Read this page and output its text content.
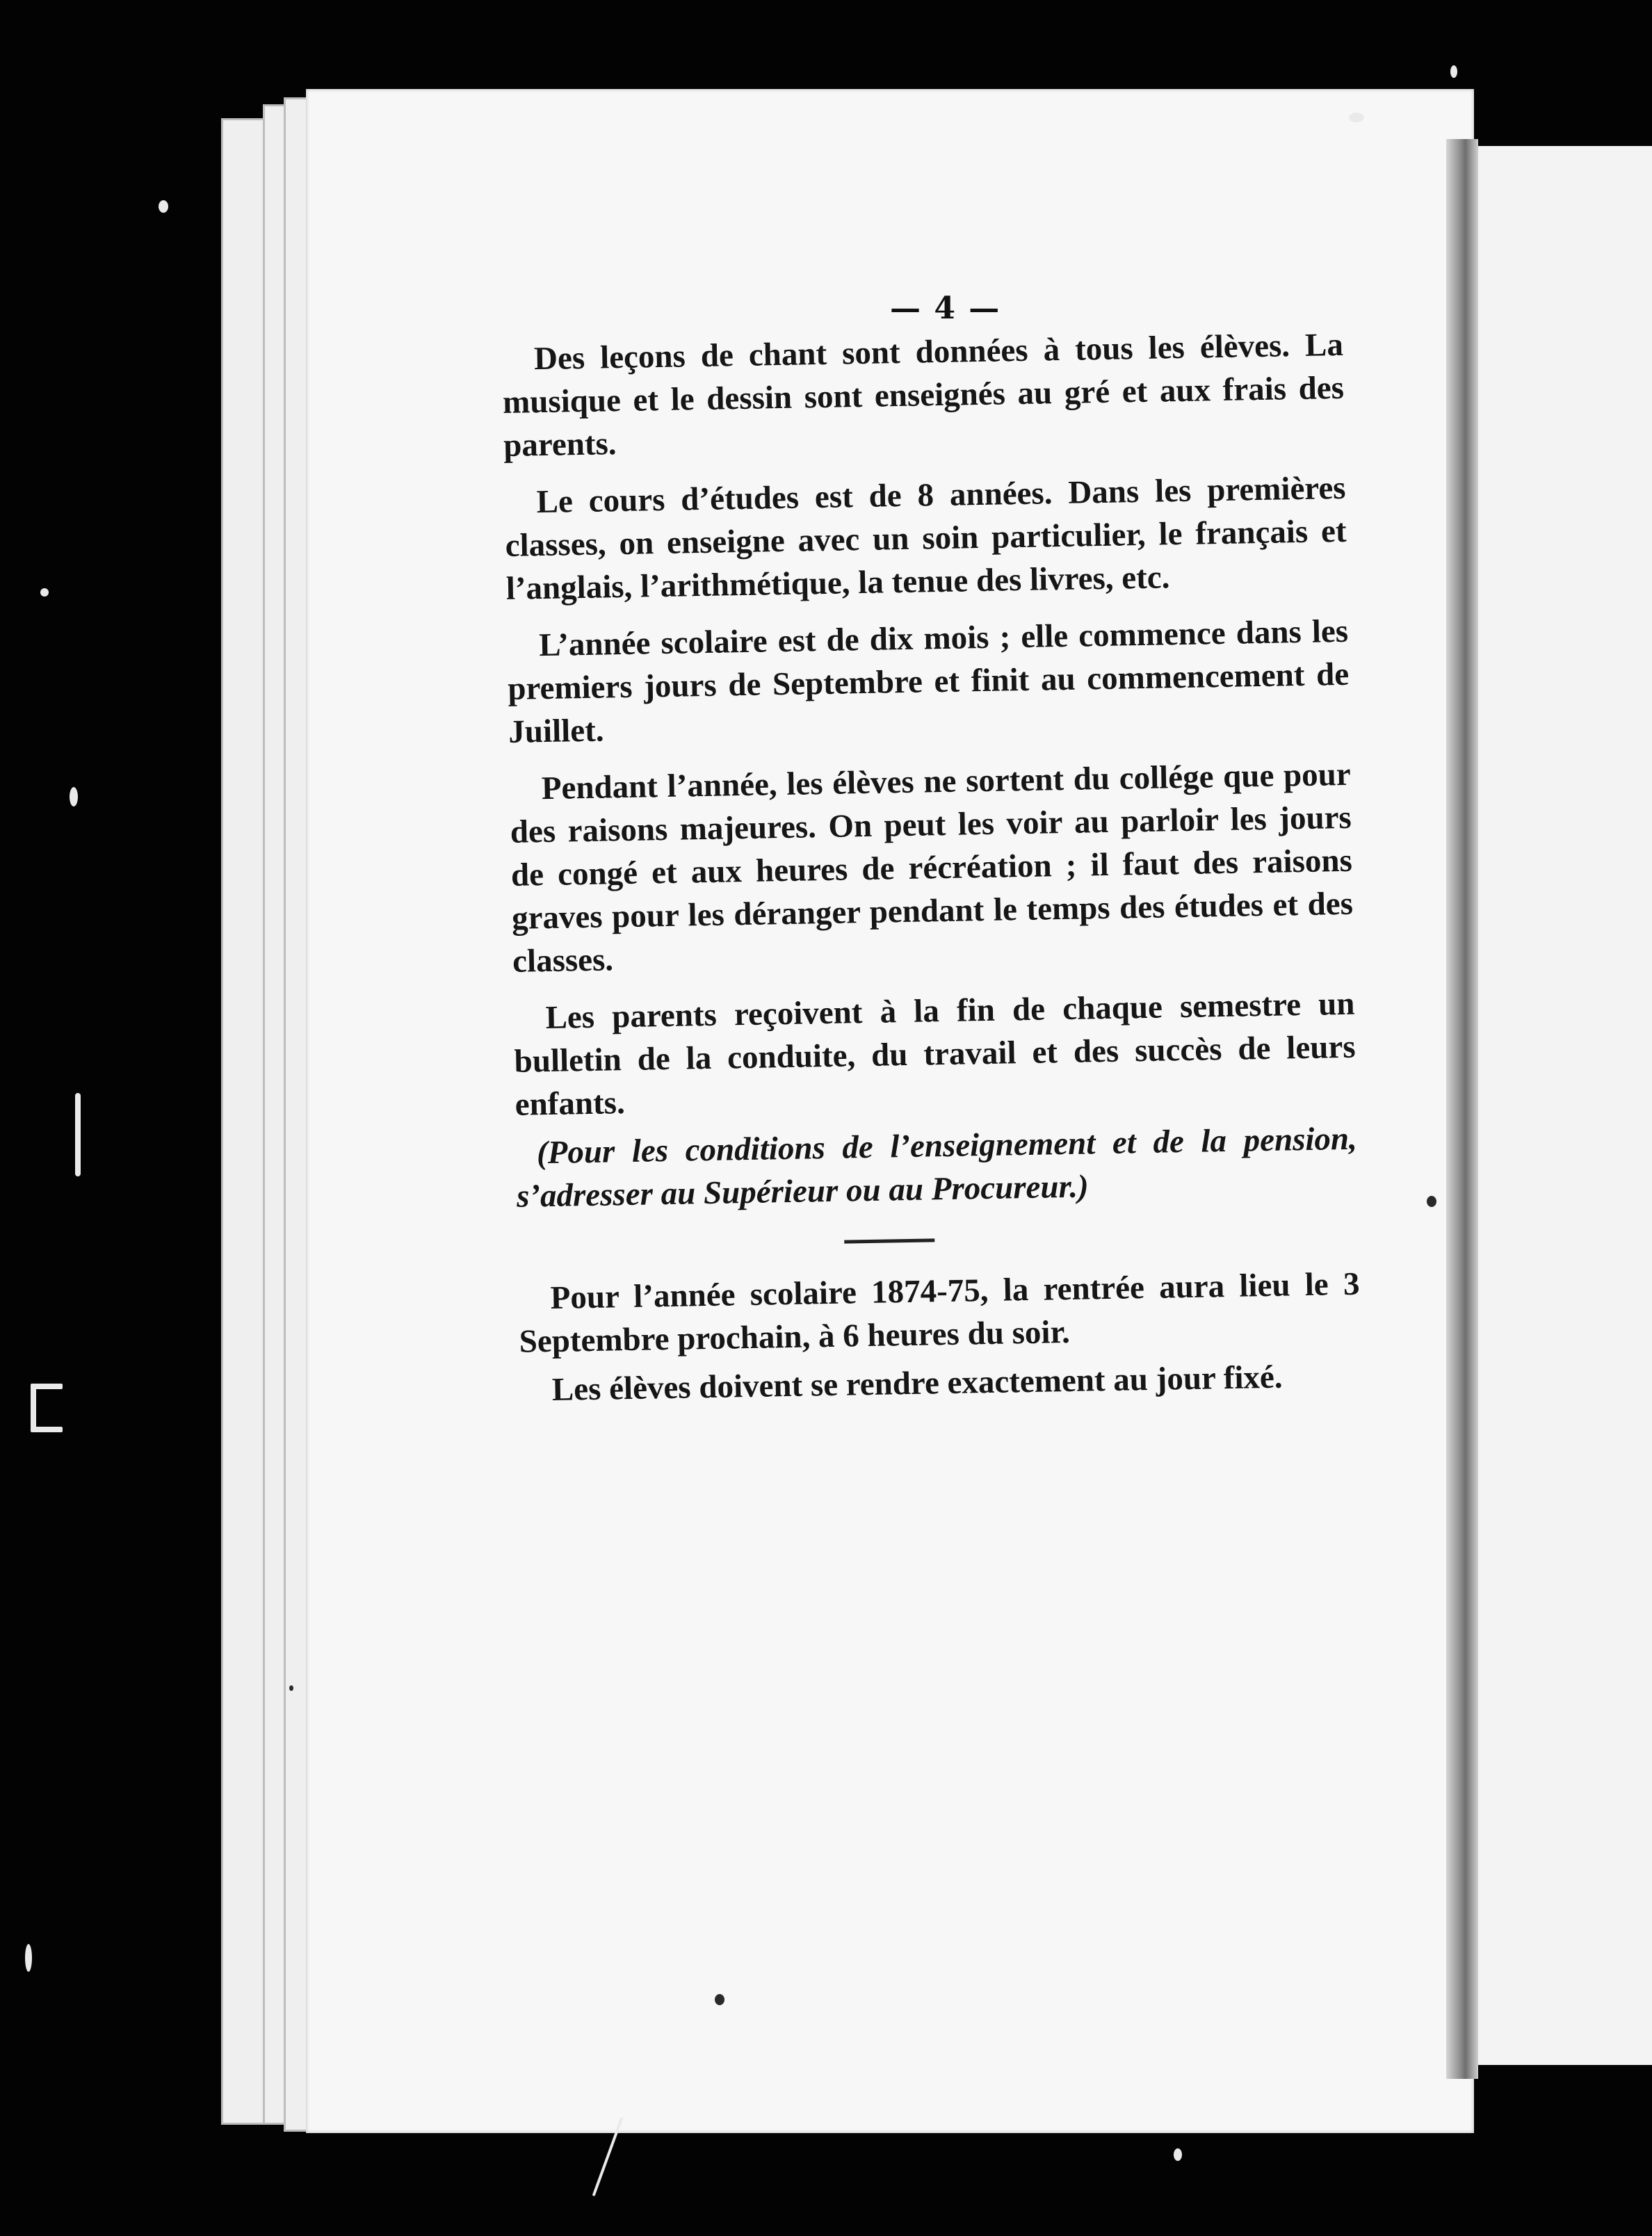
— 4 —

Des leçons de chant sont données à tous les élèves. La musique et le dessin sont enseignés au gré et aux frais des parents.

Le cours d’études est de 8 années. Dans les premières classes, on enseigne avec un soin particulier, le français et l’anglais, l’arithmétique, la tenue des livres, etc.

L’année scolaire est de dix mois ; elle commence dans les premiers jours de Septembre et finit au commencement de Juillet.

Pendant l’année, les élèves ne sortent du collége que pour des raisons majeures. On peut les voir au parloir les jours de congé et aux heures de récréation ; il faut des raisons graves pour les déranger pendant le temps des études et des classes.

Les parents reçoivent à la fin de chaque semestre un bulletin de la conduite, du travail et des succès de leurs enfants.

(Pour les conditions de l’enseignement et de la pension, s’adresser au Supérieur ou au Procureur.)

Pour l’année scolaire 1874-75, la rentrée aura lieu le 3 Septembre prochain, à 6 heures du soir.

Les élèves doivent se rendre exactement au jour fixé.
